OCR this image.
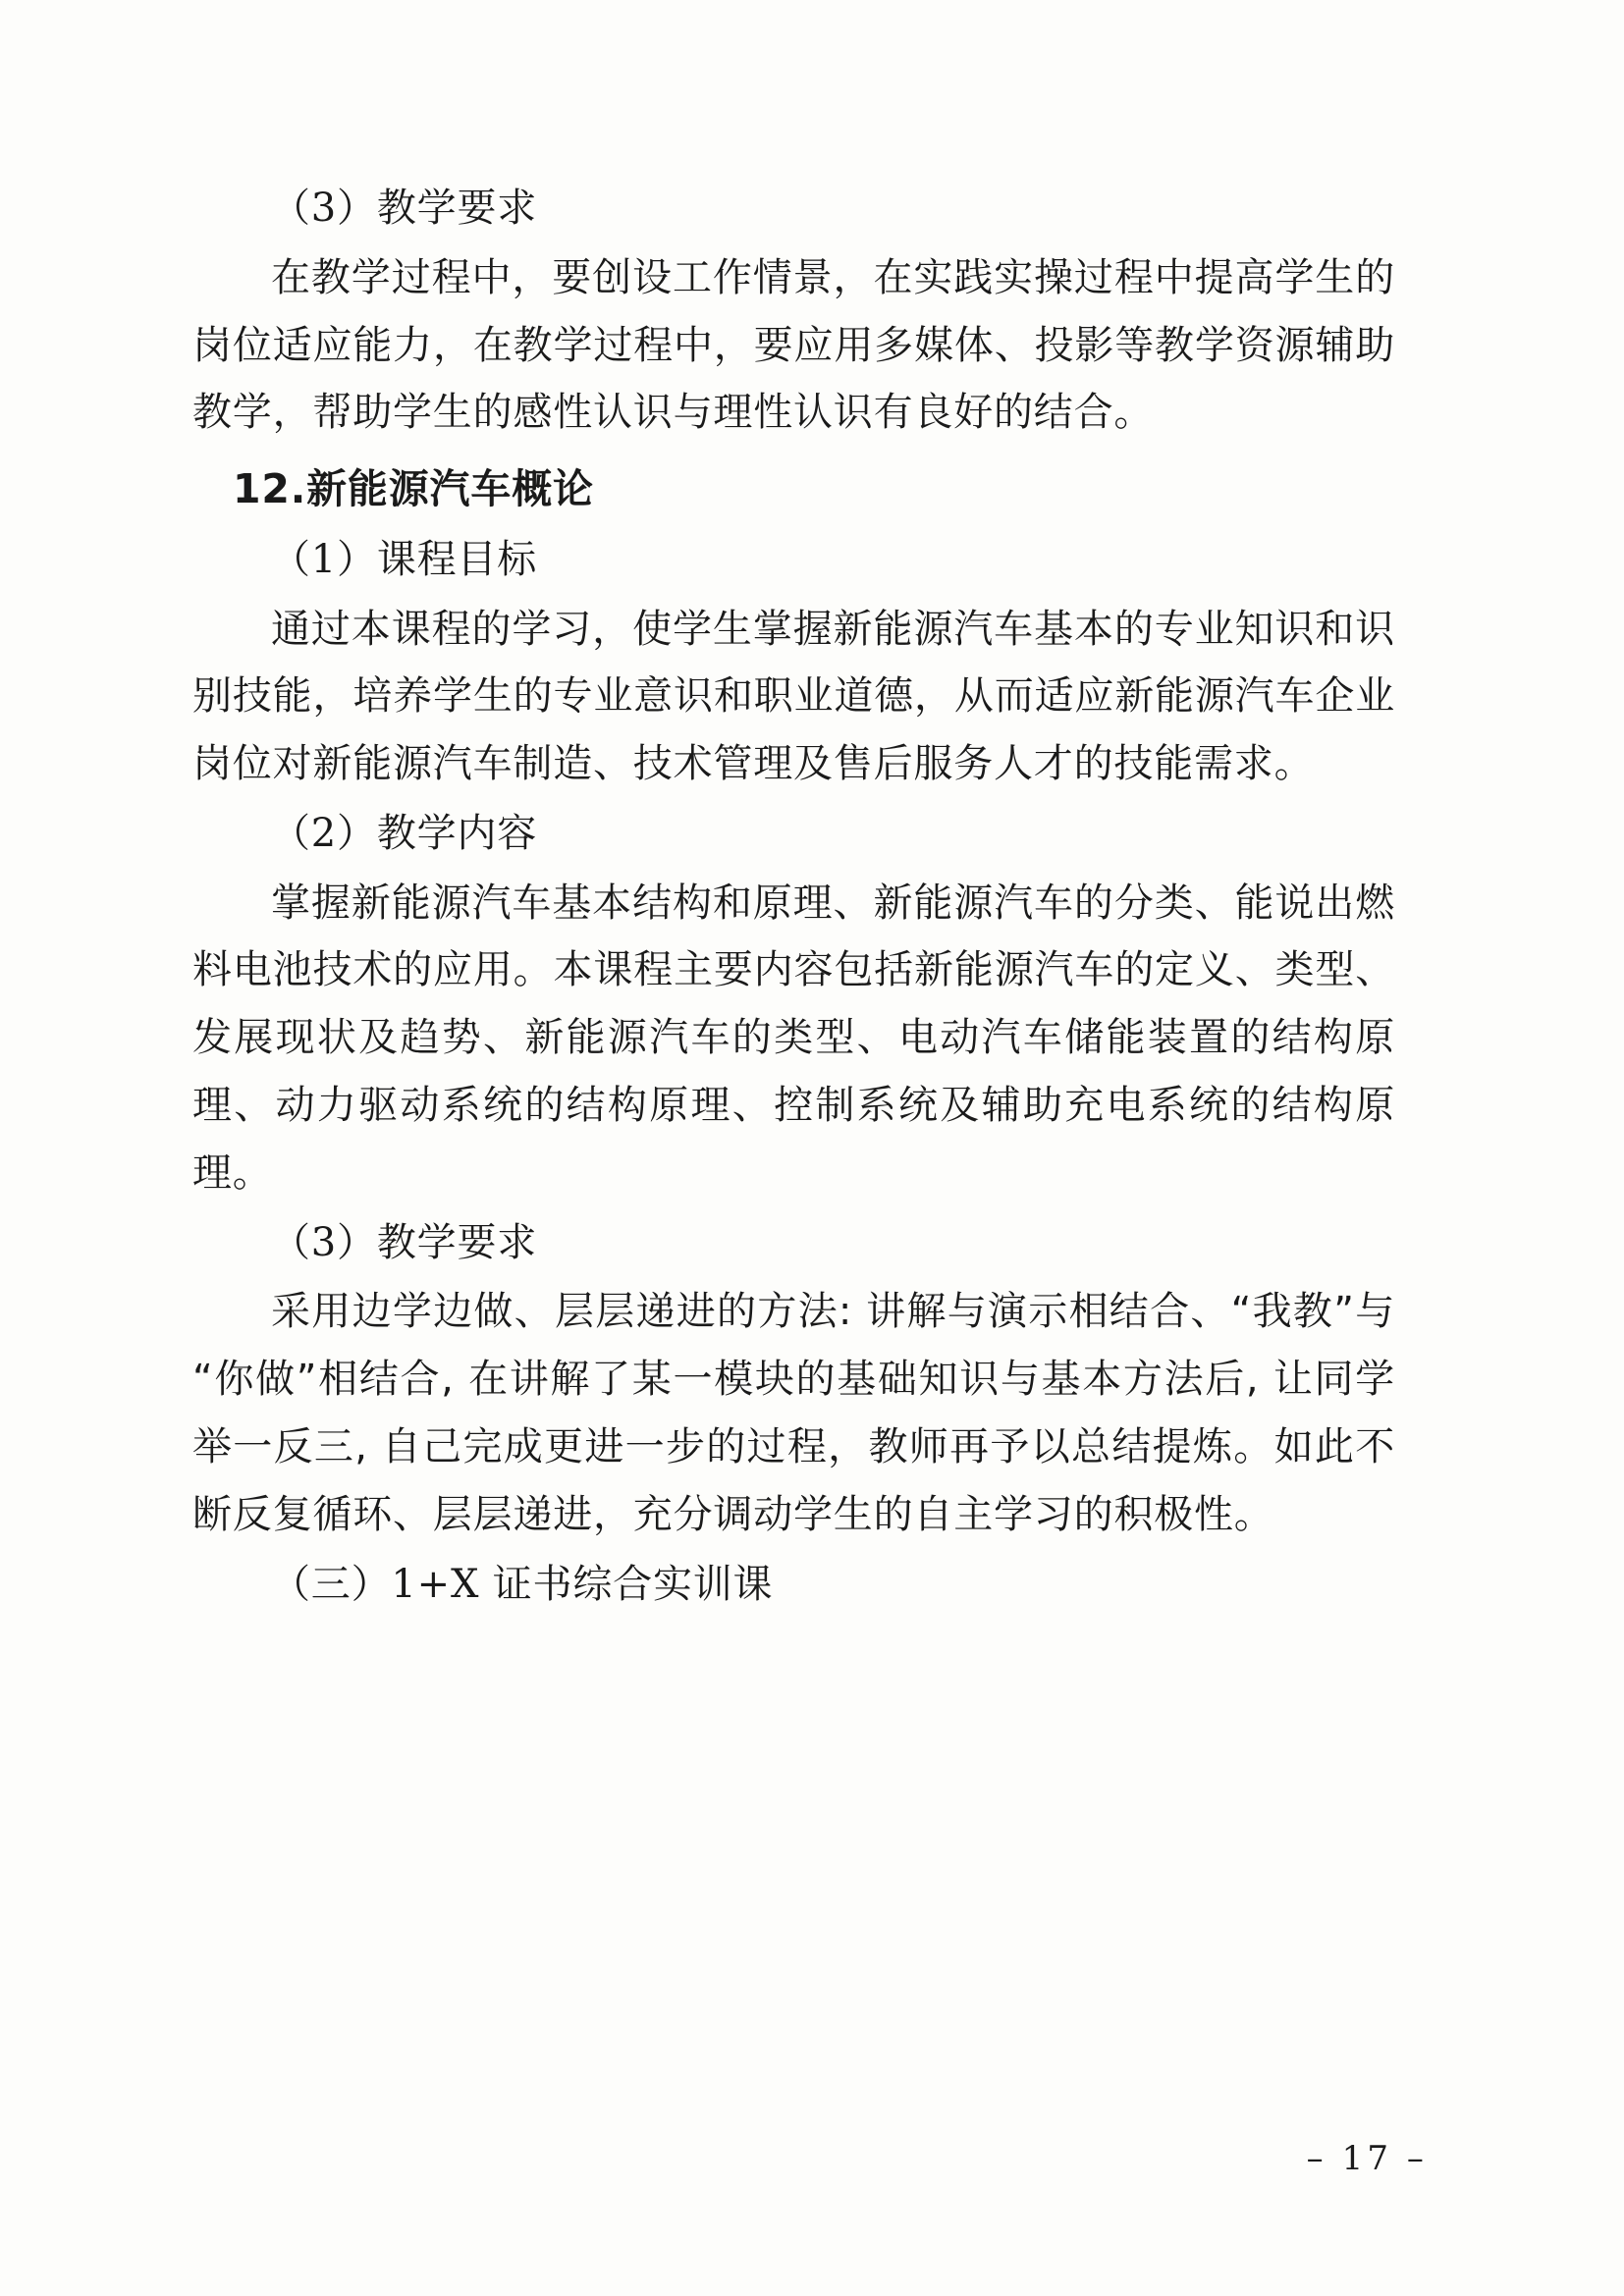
（3）教学要求

在教学过程中，要创设工作情景，在实践实操过程中提高学生的岗位适应能力，在教学过程中，要应用多媒体、投影等教学资源辅助教学，帮助学生的感性认识与理性认识有良好的结合。

12.新能源汽车概论

（1）课程目标

通过本课程的学习，使学生掌握新能源汽车基本的专业知识和识别技能，培养学生的专业意识和职业道德，从而适应新能源汽车企业岗位对新能源汽车制造、技术管理及售后服务人才的技能需求。

（2）教学内容

掌握新能源汽车基本结构和原理、新能源汽车的分类、能说出燃料电池技术的应用。本课程主要内容包括新能源汽车的定义、类型、发展现状及趋势、新能源汽车的类型、电动汽车储能装置的结构原理、动力驱动系统的结构原理、控制系统及辅助充电系统的结构原理。

（3）教学要求

采用边学边做、层层递进的方法: 讲解与演示相结合、“我教”与“你做”相结合, 在讲解了某一模块的基础知识与基本方法后, 让同学举一反三, 自己完成更进一步的过程，教师再予以总结提炼。如此不断反复循环、层层递进，充分调动学生的自主学习的积极性。

（三）1+X 证书综合实训课

– 17 –
